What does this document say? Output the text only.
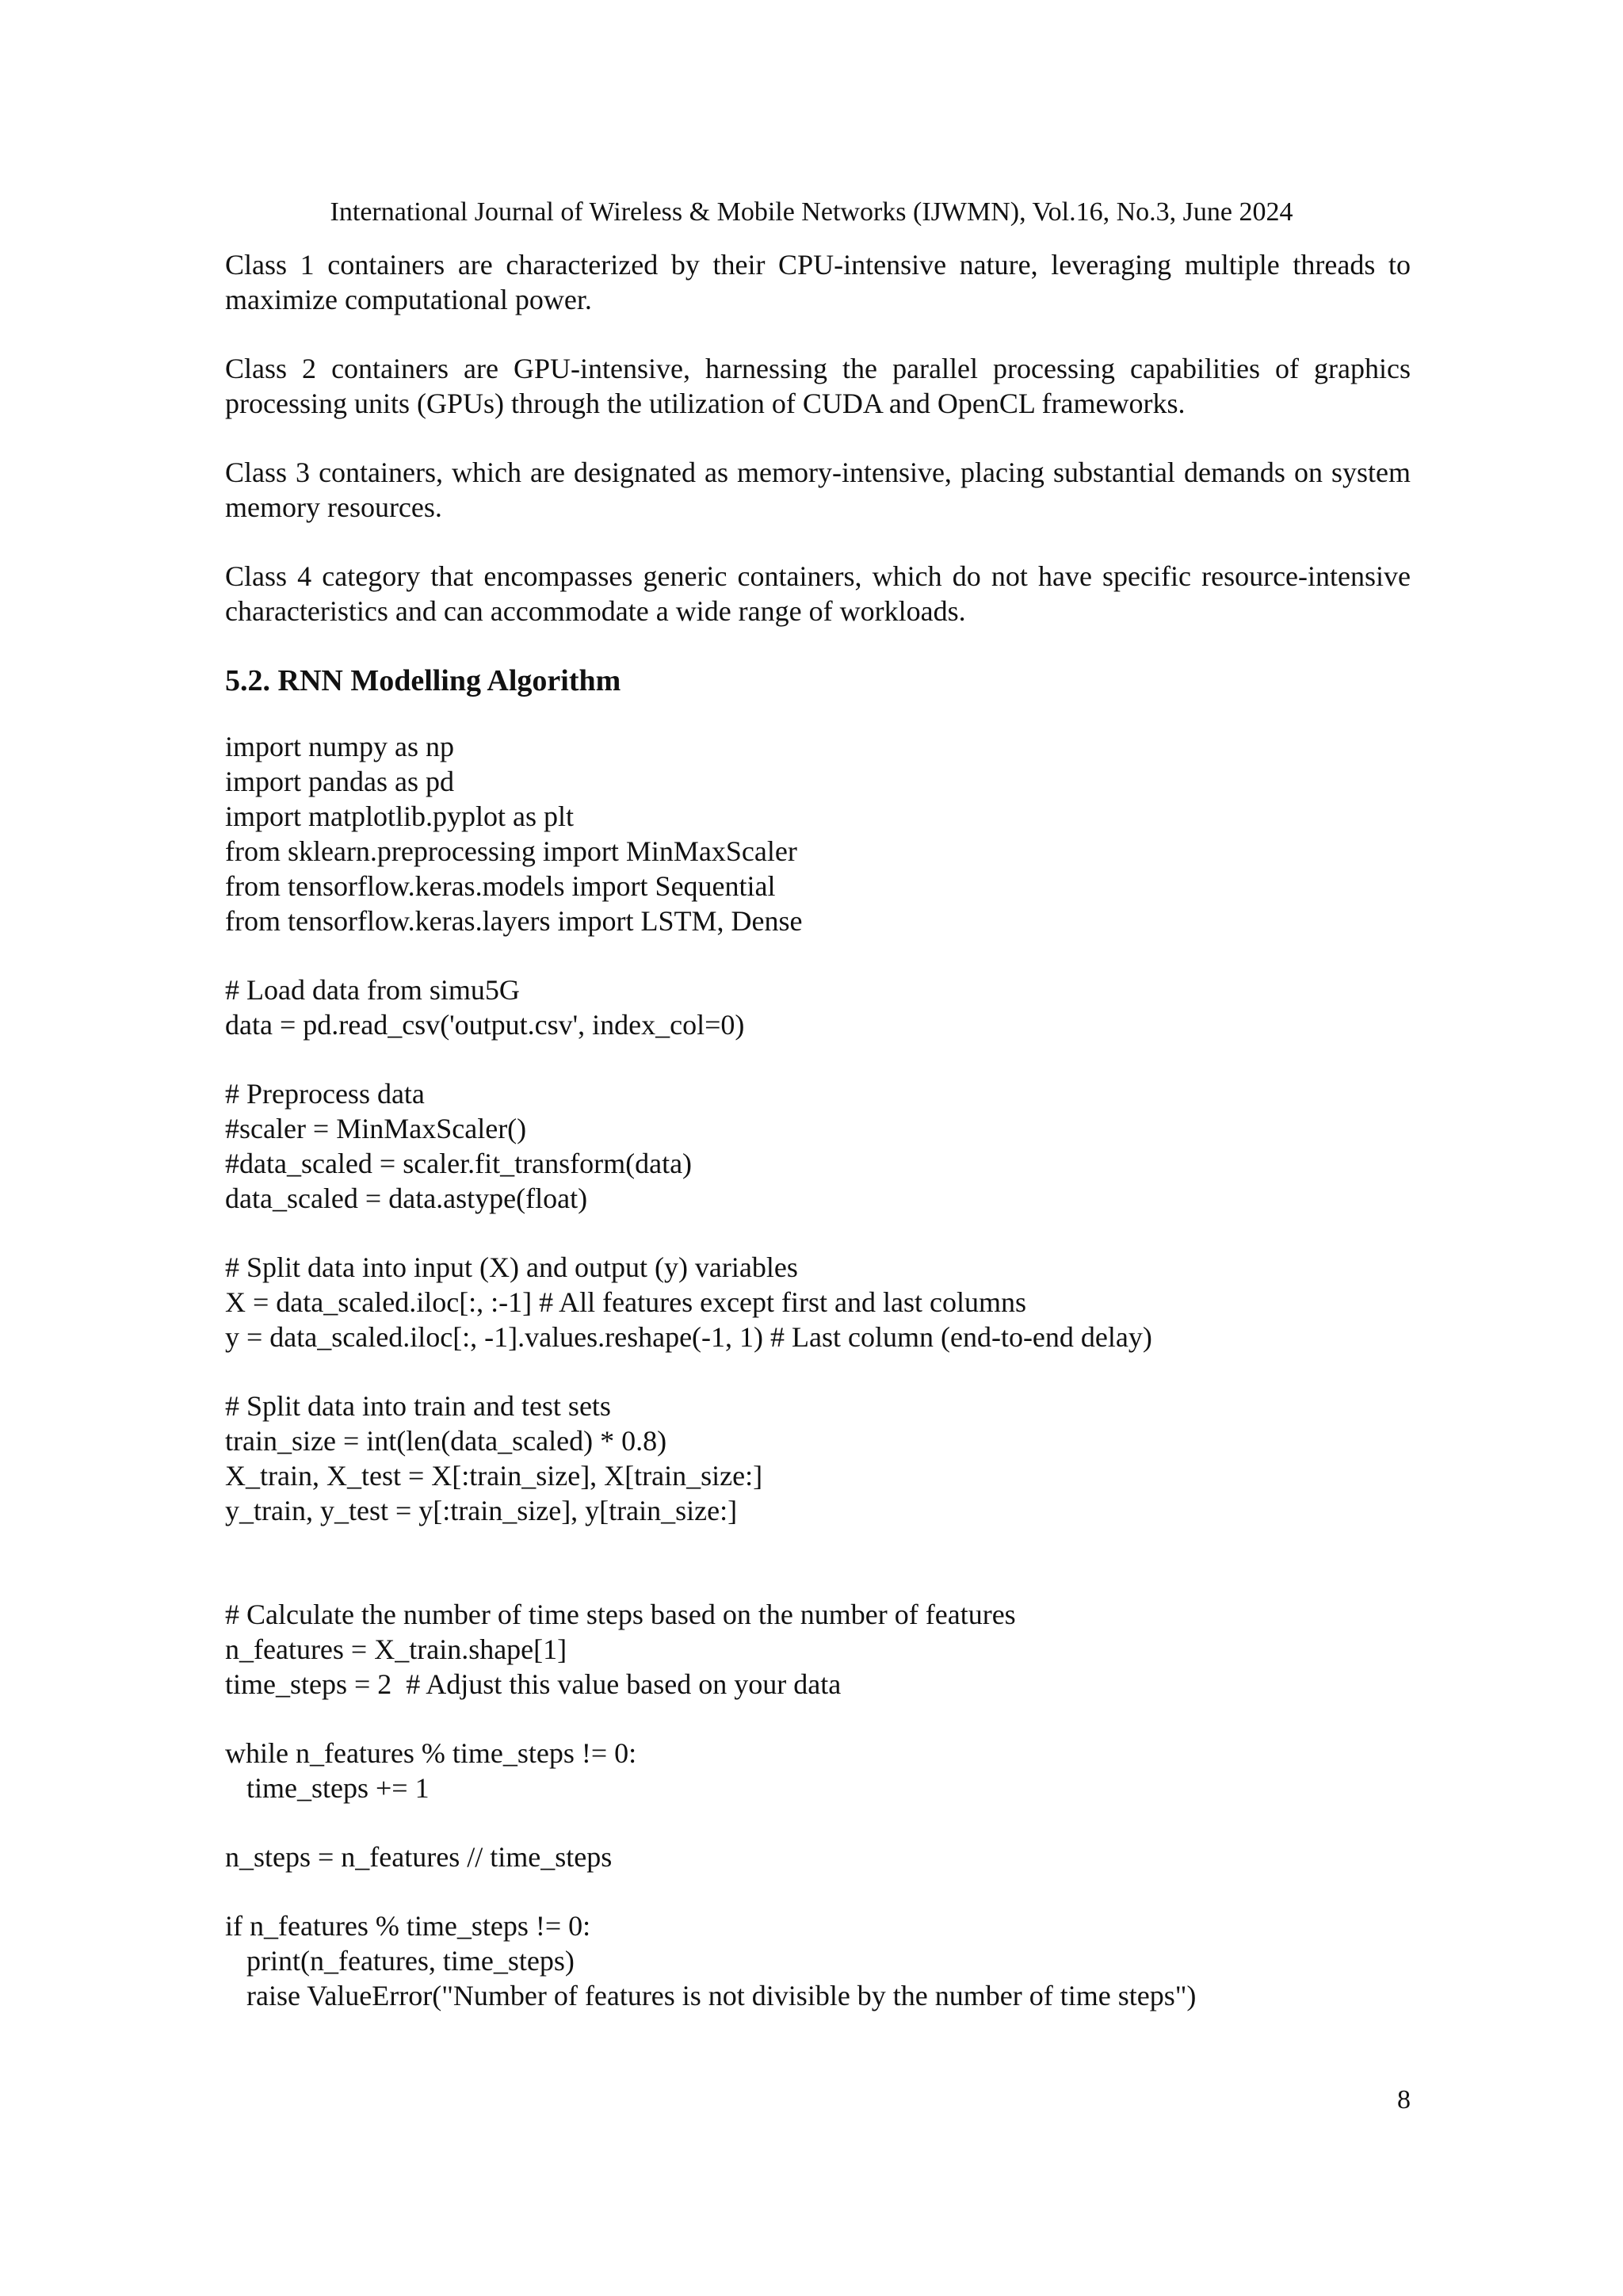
International Journal of Wireless & Mobile Networks (IJWMN), Vol.16, No.3, June 2024

Class 1 containers are characterized by their CPU-intensive nature, leveraging multiple threads to maximize computational power.

Class 2 containers are GPU-intensive, harnessing the parallel processing capabilities of graphics processing units (GPUs) through the utilization of CUDA and OpenCL frameworks.

Class 3 containers, which are designated as memory-intensive, placing substantial demands on system memory resources.

Class 4 category that encompasses generic containers, which do not have specific resource-intensive characteristics and can accommodate a wide range of workloads.

5.2. RNN Modelling Algorithm
import numpy as np
import pandas as pd
import matplotlib.pyplot as plt
from sklearn.preprocessing import MinMaxScaler
from tensorflow.keras.models import Sequential
from tensorflow.keras.layers import LSTM, Dense
# Load data from simu5G
data = pd.read_csv('output.csv', index_col=0)
# Preprocess data
#scaler = MinMaxScaler()
#data_scaled = scaler.fit_transform(data)
data_scaled = data.astype(float)
# Split data into input (X) and output (y) variables
X = data_scaled.iloc[:, :-1] # All features except first and last columns
y = data_scaled.iloc[:, -1].values.reshape(-1, 1) # Last column (end-to-end delay)
# Split data into train and test sets
train_size = int(len(data_scaled) * 0.8)
X_train, X_test = X[:train_size], X[train_size:]
y_train, y_test = y[:train_size], y[train_size:]
# Calculate the number of time steps based on the number of features
n_features = X_train.shape[1]
time_steps = 2  # Adjust this value based on your data
while n_features % time_steps != 0:
time_steps += 1
n_steps = n_features // time_steps
if n_features % time_steps != 0:
print(n_features, time_steps)
raise ValueError("Number of features is not divisible by the number of time steps")
8
